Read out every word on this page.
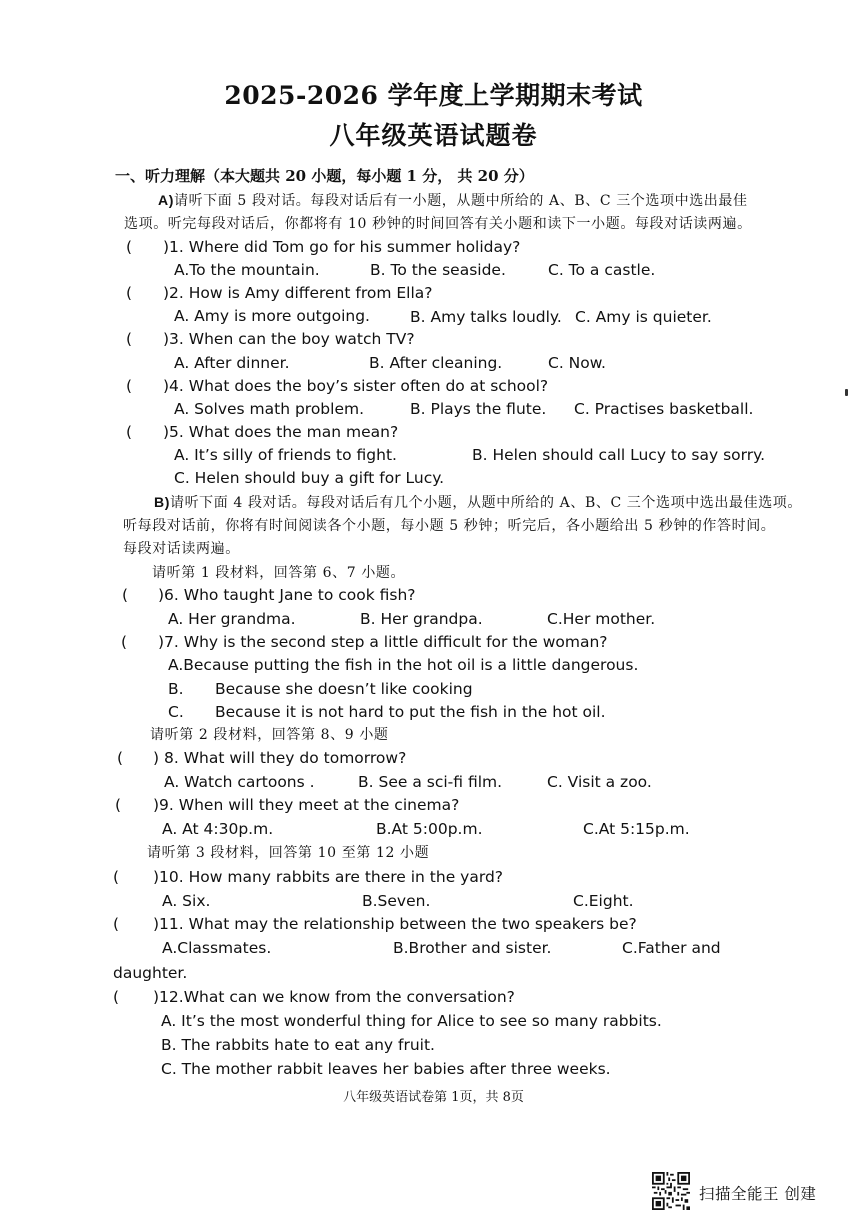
2025-2026 学年度上学期期末考试
八年级英语试题卷
一、听力理解（本大题共 20 小题，每小题 1 分， 共 20 分）
A)请听下面 5 段对话。每段对话后有一小题，从题中所给的 A、B、C 三个选项中选出最佳
选项。听完每段对话后，你都将有 10 秒钟的时间回答有关小题和读下一小题。每段对话读两遍。
( )1. Where did Tom go for his summer holiday?
A.To the mountain.	B. To the seaside.	C. To a castle.
( )2. How is Amy different from Ella?
A. Amy is more outgoing.	B. Amy talks loudly. C. Amy is quieter.
( )3. When can the boy watch TV?
A. After dinner.	B. After cleaning.	C. Now.
( )4. What does the boy’s sister often do at school?
A. Solves math problem.	B. Plays the flute. C. Practises basketball.
( )5. What does the man mean?
A. It’s silly of friends to fight.	B. Helen should call Lucy to say sorry.
C. Helen should buy a gift for Lucy.
B)请听下面 4 段对话。每段对话后有几个小题，从题中所给的 A、B、C 三个选项中选出最佳选项。
听每段对话前，你将有时间阅读各个小题，每小题 5 秒钟；听完后，各小题给出 5 秒钟的作答时间。
每段对话读两遍。
请听第 1 段材料，回答第 6、7 小题。
( )6. Who taught Jane to cook fish?
A. Her grandma.	B. Her grandpa.	C.Her mother.
( )7. Why is the second step a little difficult for the woman?
A.Because putting the fish in the hot oil is a little dangerous.
B. Because she doesn’t like cooking
C. Because it is not hard to put the fish in the hot oil.
请听第 2 段材料，回答第 8、9 小题
( ) 8. What will they do tomorrow?
A. Watch cartoons .	B. See a sci-fi film.	C. Visit a zoo.
( )9. When will they meet at the cinema?
A. At 4:30p.m.	B.At 5:00p.m.	C.At 5:15p.m.
请听第 3 段材料，回答第 10 至第 12 小题
( )10. How many rabbits are there in the yard?
A. Six.	B.Seven.	C.Eight.
( )11. What may the relationship between the two speakers be?
A.Classmates.	B.Brother and sister.	C.Father and
daughter.
( )12.What can we know from the conversation?
A. It’s the most wonderful thing for Alice to see so many rabbits.
B. The rabbits hate to eat any fruit.
C. The mother rabbit leaves her babies after three weeks.
八年级英语试卷第 1页，共 8页
扫描全能王 创建
